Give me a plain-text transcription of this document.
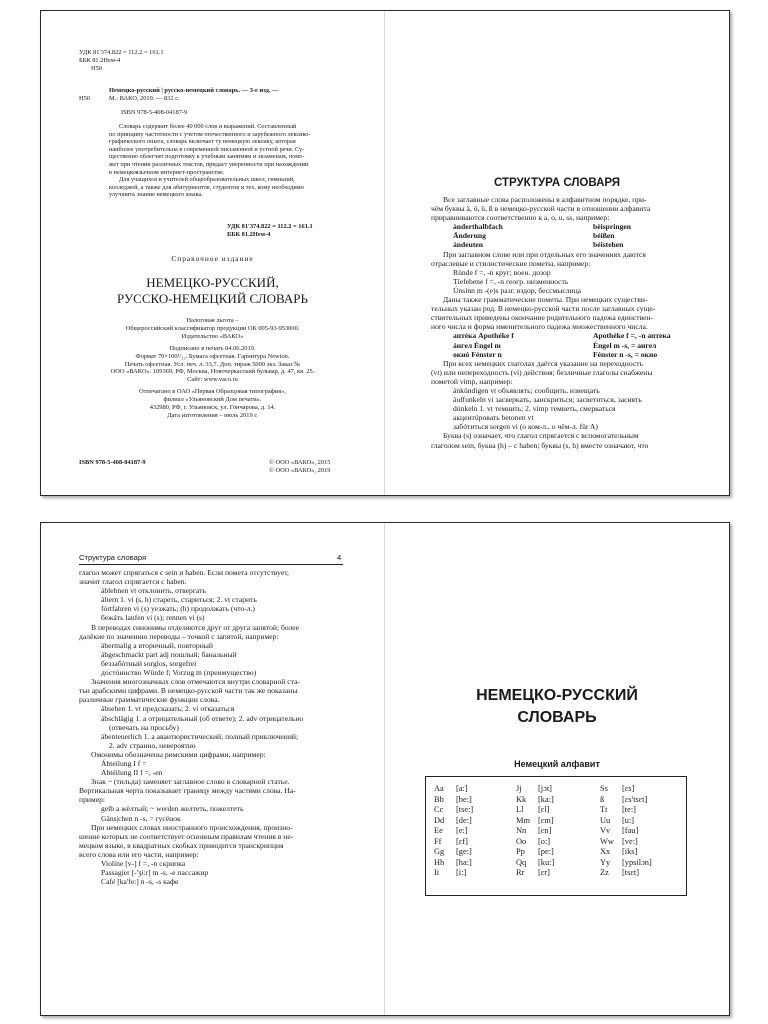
УДК 81'374.822 = 112.2 = 161.1
ББК 81.2Нем-4
Н50
Немецко-русский | русско-немецкий словарь. — 3-е изд. —
Н50	М.: ВАКО, 2019. — 832 с.
ISBN 978-5-408-04187-9
Словарь содержит более 40 000 слов и выражений. Составленный
по принципу частотности с учетом отечественного и зарубежного лексико-
графического опыта, словарь включает ту немецкую лексику, которая
наиболее употребительна в современной письменной и устной речи. Су-
щественно облегчит подготовку к учебным занятиям и экзаменам, помо-
жет при чтении различных текстов, придаст уверенности при нахождении
в немецкоязычном интернет-пространстве.
Для учащихся и учителей общеобразовательных школ, гимназий,
колледжей, а также для абитуриентов, студентов и тех, кому необходимо
улучшить знание немецкого языка.
УДК 81'374.822 = 112.2 = 161.1
ББК 81.2Нем-4
Справочное издание
НЕМЕЦКО-РУССКИЙ,
РУССКО-НЕМЕЦКИЙ СЛОВАРЬ
Налоговая льгота –
Общероссийский классификатор продукции ОК 005-93-953000.
Издательство «ВАКО»
Подписано в печать 04.06.2019.
Формат 70×100¹/₃₂. Бумага офсетная. Гарнитура Newton.
Печать офсетная. Усл. печ. л. 33,7. Доп. тираж 5000 экз. Заказ №
ООО «ВАКО». 109369, РФ, Москва, Новочеркасский бульвар, д. 47, кв. 25.
Сайт: www.vaco.ru
Отпечатано в ОАО «Первая Образцовая типография»,
филиал «Ульяновский Дом печати».
432980, РФ, г. Ульяновск, ул. Гончарова, д. 14.
Дата изготовления – июль 2019 г.
ISBN 978-5-408-04187-9	© ООО «ВАКО», 2015
© ООО «ВАКО», 2019
СТРУКТУРА СЛОВАРЯ
Все заглавные слова расположены в алфавитном порядке, при-
чём буквы ä, ö, ü, ß в немецко-русской части в отношении алфавита
приравниваются соответственно к a, o, u, ss, например:
ànderthalbfach	bèispringen
Änderung	béißen
ándeuten	béistehen
При заглавном слове или при отдельных его значениях даются
отраслевые и стилистические пометы, например:
Ründe f =, -n круг; воен. дозор
Tíefebene f =, -n геогр. низменность
Únsinn m -(e)s разг. вздор, бессмыслица
Даны также грамматические пометы. При немецких существи-
тельных указан род. В немецко-русской части после заглавных суще-
ствительных приведены окончание родительного падежа единствен-
ного числа и форма именительного падежа множественного числа.
аптéка Apothéke f	Apothéke f =, -n аптека
áнгел Éngel m	Éngel m -s, = ангел
окнó Fénster n	Fénster n -s, = окно
При всех немецких глаголах даётся указание на переходность
(vt) или непереходность (vi) действия; безличные глаголы снабжены
пометой vimp, например:
ánkündigen vt объявлять; сообщить, извещать
áuffunkeln vi засверкать, заискриться; засветиться, засиять
dúnkeln 1. vt темнить; 2. vimp темнеть, смеркаться
акцентúровать betonen vt
забóтиться sorgen vi (о ком-л., о чём-л. für A)
Буква (s) означает, что глагол спрягается с вспомогательным
глаголом sein, буква (h) – с haben; буквы (s, h) вместе означают, что
Структура словаря	4
глагол может спрягаться с sein и haben. Если помета отсутствует,
значит глагол спрягается с haben.
áblehnen vt отклонить, отвергать
áltern 1. vi (s, h) стареть, стариться; 2. vt старить
fórtfahren vi (s) уезжать; (h) продолжать (что-л.)
бежáть laufen vi (s); rennen vi (s)
В переводах синонимы отделяются друг от друга запятой; более
далёкие по значению переводы – точкой с запятой, например:
ábermalig a вторичный, повторный
ábgeschmackt part adj пошлый; банальный
беззабóтный sorglos, sorgefrei
достóинство Würde f; Vorzug m (преимущество)
Значения многозначных слов отмечаются внутри словарной ста-
тьи арабскими цифрами. В немецко-русской части так же показаны
различные грамматические функции слова.
ábsehen 1. vt предсказать; 2. vi отказаться
ábschlägig 1. a отрицательный (об ответе); 2. adv отрицательно
(отвечать на просьбу)
ábenteuerlich 1. a авантюристический; полный приключений;
2. adv странно, невероятно
Омонимы обозначены римскими цифрами, например:
Ábteilung I f =
Abtéilung II f =, -en
Знак ~ (тильда) заменяет заглавное слово в словарной статье.
Вертикальная черта показывает границу между частями слова. На-
пример:
gelb a жёлтый; ~ werden желтеть, пожелтеть
Gäns|chen n -s, = гусёнок
При немецких словах иностранного происхождения, произно-
шение которых не соответствует основным правилам чтения в не-
мецком языке, в квадратных скобках приводится транскрипция
всего слова или его части, например:
Violíne [v-] f =, -n скрипка
Passagíer [-'ʒi:r] m -s, -e пассажир
Café [ka'fe:] n -s, -s кафе
НЕМЕЦКО-РУССКИЙ
СЛОВАРЬ
Немецкий алфавит
Aa	[a:]	Jj	[jɔt]	Ss	[ɛs]
Bb	[be:]	Kk	[ka:]	ß	[ɛs'tsɛt]
Cc	[tse:]	Ll	[ɛl]	Tt	[te:]
Dd	[de:]	Mm	[ɛm]	Uu	[u:]
Ee	[e:]	Nn	[ɛn]	Vv	[fau]
Ff	[ɛf]	Oo	[o:]	Ww	[ve:]
Gg	[ge:]	Pp	[pe:]	Xx	[iks]
Hh	[ha:]	Qq	[ku:]	Yy	[ypsilɔn]
Ii	[i:]	Rr	[ɛr]	Zz	[tsɛt]
